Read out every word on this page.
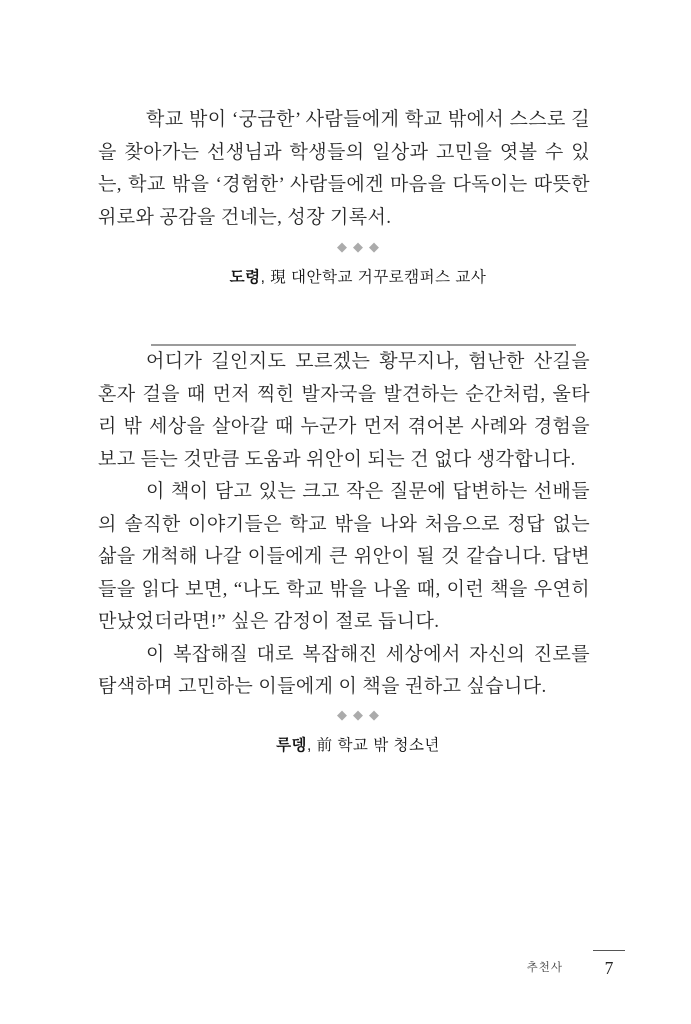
학교 밖이 ‘궁금한’ 사람들에게 학교 밖에서 스스로 길을 찾아가는 선생님과 학생들의 일상과 고민을 엿볼 수 있는, 학교 밖을 ‘경험한’ 사람들에겐 마음을 다독이는 따뜻한 위로와 공감을 건네는, 성장 기록서.

◆◆◆
도령, 現 대안학교 거꾸로캠퍼스 교사

어디가 길인지도 모르겠는 황무지나, 험난한 산길을 혼자 걸을 때 먼저 찍힌 발자국을 발견하는 순간처럼, 울타리 밖 세상을 살아갈 때 누군가 먼저 겪어본 사례와 경험을 보고 듣는 것만큼 도움과 위안이 되는 건 없다 생각합니다.

이 책이 담고 있는 크고 작은 질문에 답변하는 선배들의 솔직한 이야기들은 학교 밖을 나와 처음으로 정답 없는 삶을 개척해 나갈 이들에게 큰 위안이 될 것 같습니다. 답변들을 읽다 보면, “나도 학교 밖을 나올 때, 이런 책을 우연히 만났었더라면!” 싶은 감정이 절로 듭니다.

이 복잡해질 대로 복잡해진 세상에서 자신의 진로를 탐색하며 고민하는 이들에게 이 책을 권하고 싶습니다.

◆◆◆
루뎅, 前 학교 밖 청소년
추천사	7
